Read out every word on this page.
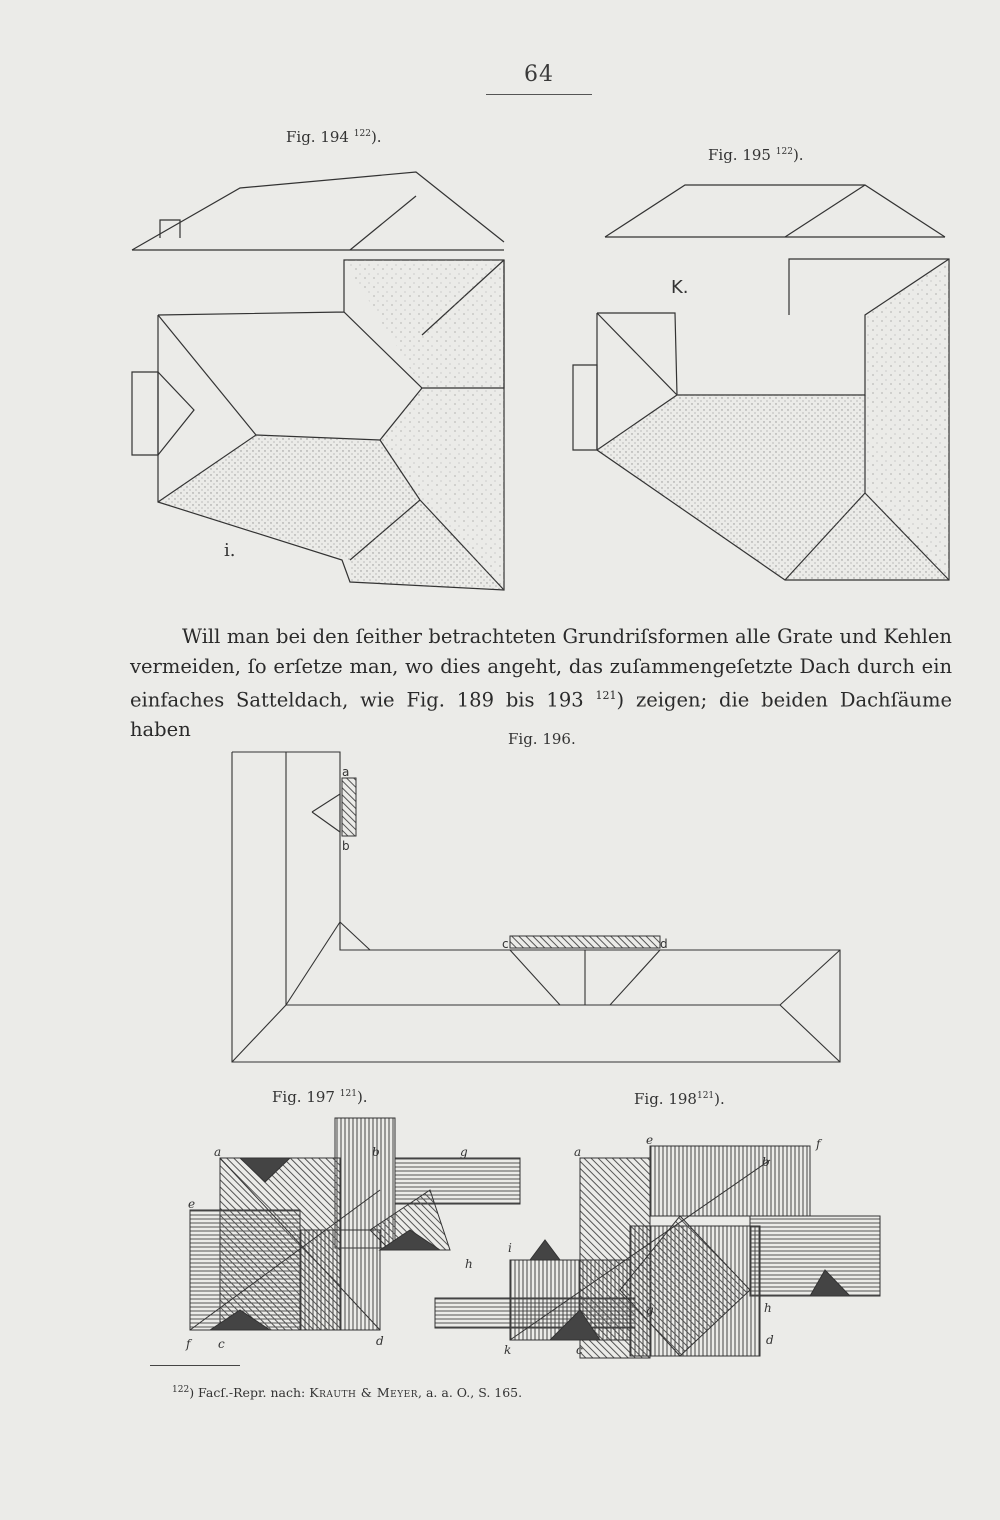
64
Fig. 194 $^{122}$).
i.
Fig. 195 $^{122}$).
K.

Will man bei den ſeither betrachteten Grundriſsformen alle Grate und Kehlen vermeiden, ſo erſetze man, wo dies angeht, das zuſammengeſetzte Dach durch ein einfaches Satteldach, wie Fig. 189 bis 193 $^{121}$) zeigen; die beiden Dachſäume haben	Fig. 196.
a
b
c	d
Fig. 197 $^{121}$).
a	b	g
e
h
f c	d
Fig. $198^{121}$).
a
e
b
f
i
g	h
k	c
d
$^{122}$) Facſ.-Repr. nach: Krauth & Meyer, a. a. O., S. 165.
